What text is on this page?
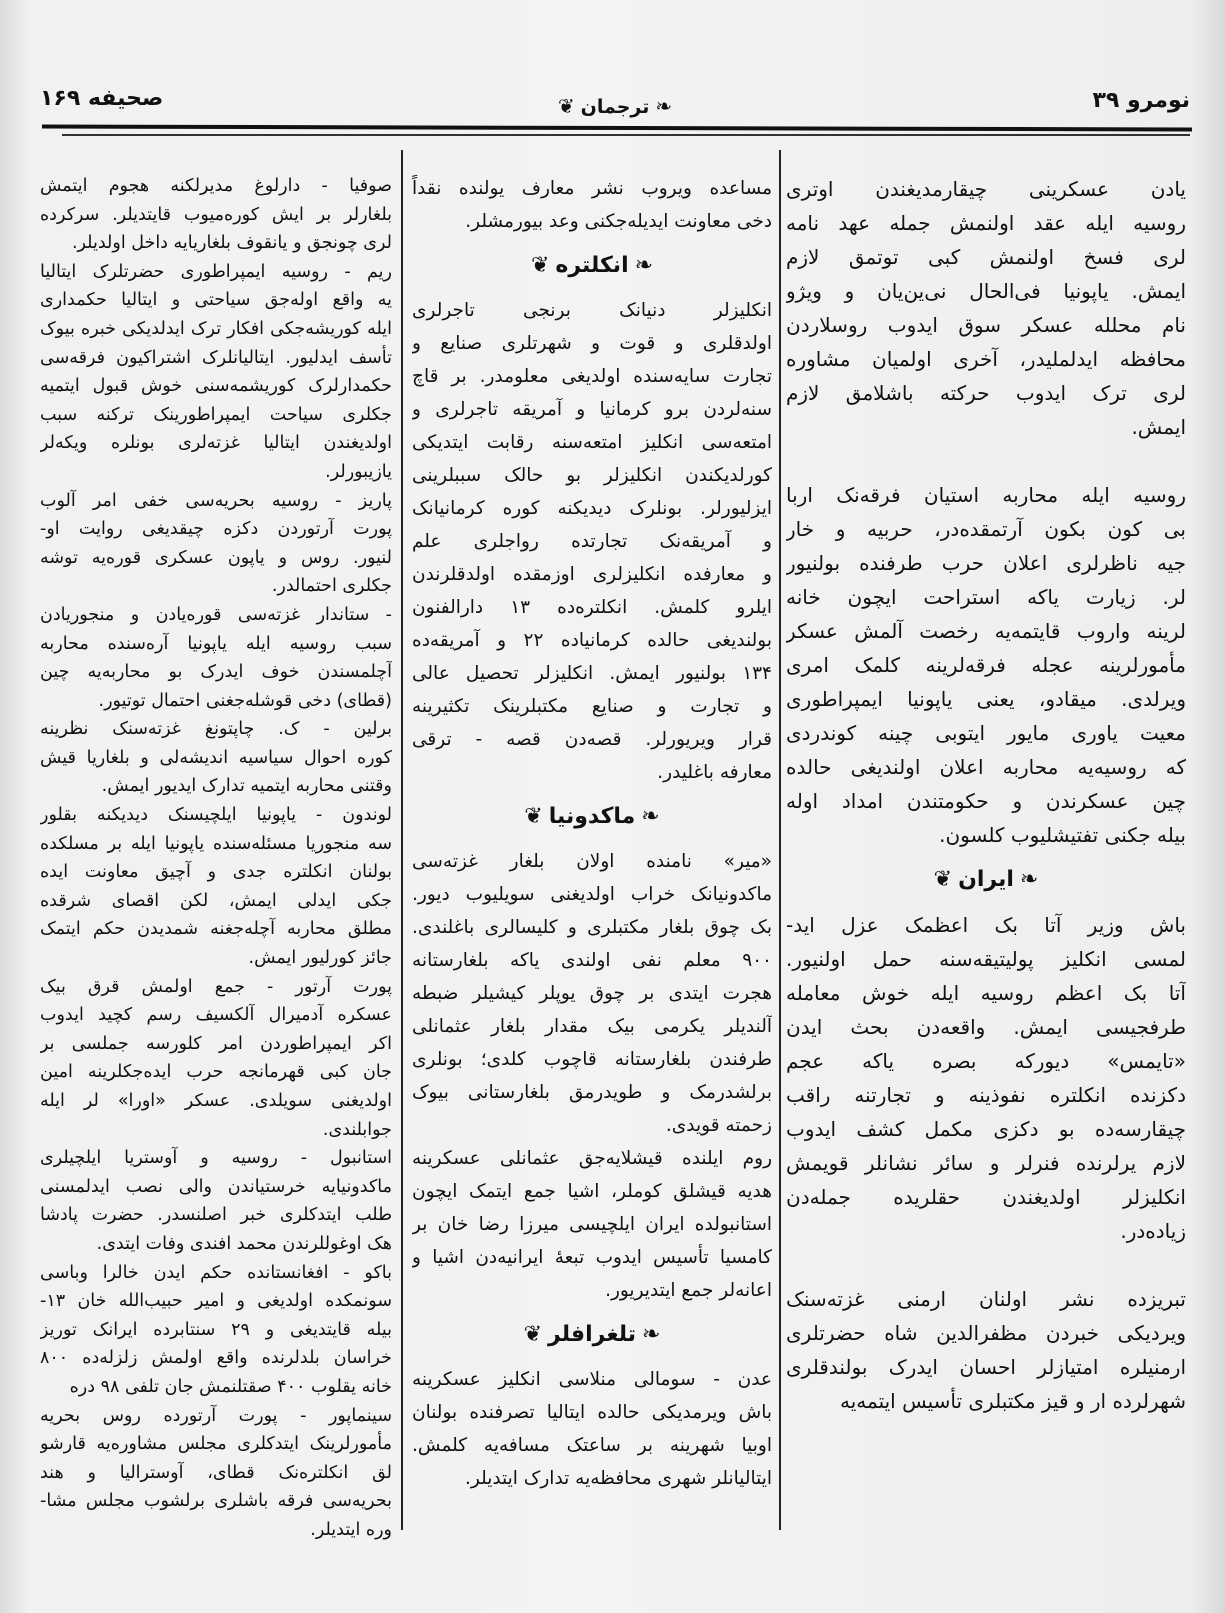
نومرو ۳۹
❧ترجمان❦
صحیفه ۱۶۹
یادن عسکرینی چیقارمدیغندن اوتری
روسیه ایله عقد اولنمش جمله عهد نامه
لری فسخ اولنمش کبی توتمق لازم
ایمش. یاپونیا فی‌الحال نی‌ین‌یان و ویژو
نام محلله عسکر سوق ایدوب روسلاردن
محافظه ایدلملیدر، آخری اولمیان مشاوره
لری ترک ایدوب حرکته باشلامق لازم
ایمش.
روسیه ایله محاربه استیان فرقه‌نک اربا
بی کون بکون آرتمقده‌در، حربیه و خار
جیه ناظرلری اعلان حرب طرفنده بولنیور
لر. زیارت یاکه استراحت ایچون خانه
لرینه واروب قایتمه‌یه رخصت آلمش عسکر
مأمورلرینه عجله فرقه‌لرینه کلمک امری
ویرلدی. میقادو، یعنی یاپونیا ایمپراطوری
معیت یاوری مایور ایتوبی چینه کوندردی
که روسیه‌یه محاربه اعلان اولندیغی حالده
چین عسکرندن و حکومتندن امداد اوله
بیله جکنی تفتیشلیوب کلسون.
❧ایران❦
باش وزیر آتا بک اعظمک عزل اید-
لمسی انکلیز پولیتیقه‌سنه حمل اولنیور.
آتا بک اعظم روسیه ایله خوش معامله
طرفجیسی ایمش. واقعه‌دن بحث ایدن
«تایمس» دیورکه بصره یاکه عجم
دکزنده انکلتره نفوذینه و تجارتنه راقب
چیقارسه‌ده بو دکزی مکمل کشف ایدوب
لازم یرلرنده فنرلر و سائر نشانلر قویمش
انکلیزلر اولدیغندن حقلریده جمله‌دن
زیاده‌در.
تبریزده نشر اولنان ارمنی غزته‌سنک
ویردیکی خبردن مظفرالدین شاه حضرتلری
ارمنیلره امتیازلر احسان ایدرک بولندقلری
شهرلرده ار و قیز مکتبلری تأسیس ایتمه‌یه
مساعده ویروب نشر معارف یولنده نقداً
دخی معاونت ایدیله‌جکنی وعد بیورمشلر.
❧انکلتره❦
انکلیزلر دنیانک برنجی تاجرلری
اولدقلری و قوت و شهرتلری صنایع و
تجارت سایه‌سنده اولدیغی معلومدر. بر قاچ
سنه‌لردن برو کرمانیا و آمریقه تاجرلری و
امتعه‌سی انکلیز امتعه‌سنه رقابت ایتدیکی
کورلدیکندن انکلیزلر بو حالک سببلرینی
ایزلیورلر. بونلرک دیدیکنه کوره کرمانیانک
و آمریقه‌نک تجارتده رواجلری علم
و معارفده انکلیزلری اوزمقده اولدقلرندن
ایلرو کلمش. انکلتره‌ده ۱۳ دارالفنون
بولندیغی حالده کرمانیاده ۲۲ و آمریقه‌ده
۱۳۴ بولنیور ایمش. انکلیزلر تحصیل عالی
و تجارت و صنایع مکتبلرینک تکثیرینه
قرار ویریورلر. قصه‌دن قصه - ترقی
معارفه باغلیدر.
❧ماکدونیا❦
«میر» نامنده اولان بلغار غزته‌سی
ماکدونیانک خراب اولدیغنی سویلیوب دیور.
بک چوق بلغار مکتبلری و کلیسالری باغلندی.
۹۰۰ معلم نفی اولندی یاکه بلغارستانه
هجرت ایتدی بر چوق یوپلر کیشیلر ضبطه
آلندیلر یکرمی بیک مقدار بلغار عثمانلی
طرفندن بلغارستانه قاچوب کلدی؛ بونلری
برلشدرمک و طویدرمق بلغارستانی بیوک
زحمته قویدی.
روم ایلنده قیشلایه‌جق عثمانلی عسکرینه
هدیه قیشلق کوملر، اشیا جمع ایتمک ایچون
استانبولده ایران ایلچیسی میرزا رضا خان بر
کامسیا تأسیس ایدوب تبعهٔ ایرانیه‌دن اشیا و
اعانه‌لر جمع ایتدیریور.
❧تلغرافلر❦
عدن - سومالی منلاسی انکلیز عسکرینه
باش ویرمدیکی حالده ایتالیا تصرفنده بولنان
اوبیا شهرینه بر ساعتک مسافه‌یه کلمش.
ایتالیانلر شهری محافظه‌یه تدارک ایتدیلر.
صوفیا - دارلوغ مدیرلکنه هجوم ایتمش
بلغارلر بر ایش کوره‌میوب قایتدیلر. سرکرده
لری چونجق و یانقوف بلغاریایه داخل اولدیلر.
ریم - روسیه ایمپراطوری حضرتلرک ایتالیا
یه واقع اوله‌جق سیاحتی و ایتالیا حکمداری
ایله کوریشه‌جکی افکار ترک ایدلدیکی خبره بیوک
تأسف ایدلیور. ایتالیانلرک اشتراکیون فرقه‌سی
حکمدارلرک کوریشمه‌سنی خوش قبول ایتمیه
جکلری سیاحت ایمپراطورینک ترکنه سبب
اولدیغندن ایتالیا غزته‌لری بونلره ویکه‌لر
یازیبورلر.
پاریز - روسیه بحریه‌سی خفی امر آلوب
پورت آرتوردن دکزه چیقدیغی روایت او-
لنیور. روس و یاپون عسکری قوره‌یه توشه
جکلری احتمالدر.
- ستاندار غزته‌سی قوره‌یادن و منجوریادن
سبب روسیه ایله یاپونیا آره‌سنده محاربه
آچلمسندن خوف ایدرک بو محاربه‌یه چین
(قطای) دخی قوشله‌جغنی احتمال توتیور.
برلین - ک. چاپتونغ غزته‌سنک نظرینه
کوره احوال سیاسیه اندیشه‌لی و بلغاریا قیش
وقتنی محاربه ایتمیه تدارک ایدیور ایمش.
لوندون - یاپونیا ایلچیسنک دیدیکنه بقلور
سه منجوریا مسئله‌سنده یاپونیا ایله بر مسلکده
بولنان انکلتره جدی و آچیق معاونت ایده
جکی ایدلی ایمش، لکن اقصای شرقده
مطلق محاربه آچله‌جغنه شمدیدن حکم ایتمک
جائز کورلیور ایمش.
پورت آرتور - جمع اولمش قرق بیک
عسکره آدمیرال آلکسیف رسم کچید ایدوب
اکر ایمپراطوردن امر کلورسه جملسی بر
جان کبی قهرمانجه حرب ایده‌جکلرینه امین
اولدیغنی سویلدی. عسکر «اورا» لر ایله
جوابلندی.
استانبول - روسیه و آوستریا ایلچیلری
ماکدونیایه خرستیاندن والی نصب ایدلمسنی
طلب ایتدکلری خبر اصلنسدر. حضرت پادشا
هک اوغوللرندن محمد افندی وفات ایتدی.
باکو - افغانستانده حکم ایدن خالرا وباسی
سونمکده اولدیغی و امیر حبیب‌الله خان ١٣-
بیله قایتدیغی و ۲۹ سنتابرده ایرانک توریز
خراسان بلدلرنده واقع اولمش زلزله‌ده ۸۰۰
خانه یقلوب ۴۰۰ صقتلنمش جان تلفی ۹۸ دره
سینماپور - پورت آرتورده روس بحریه
مأمورلرینک ایتدکلری مجلس مشاوره‌یه قارشو
لق انکلتره‌نک قطای، آوسترالیا و هند
بحریه‌سی فرقه باشلری برلشوب مجلس مشا-
وره ایتدیلر.
